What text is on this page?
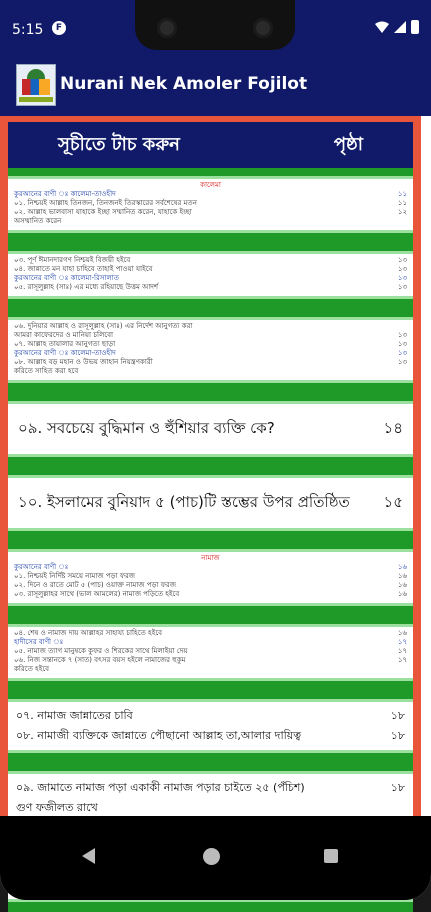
5:15	F
Nurani Nek Amoler Fojilot
সূচীতে টাচ করুন	পৃষ্ঠা
কালেমা
কুরআনের বাণী ঃ কালেমা-তাওহীদ	১১
০১. নিশ্চয়ই আল্লাহ তিনজন, তিনজনই তিরস্কারের সর্বশেষের মতন	১১
০২. আল্লাহ ভালবাসা যাহাকে ইচ্ছা সম্মানিত করেন, যাহাকে ইচ্ছা	১২
অসম্মানিত করেন
০৩. পূর্ণ ঈমানদারগণ নিশ্চয়ই বিজয়ী হইবে	১৩
০৪. জান্নাতে মন যাহা চাহিবে তাহাই পাওয়া যাইবে	১৩
কুরআনের বাণী ঃ কালেমা-রিসালাত	১৩
০৫. রাসূলুল্লাহ (সাঃ) এর মধ্যে রহিয়াছে উত্তম আদর্শ	১৩
০৬. দুনিয়ার আল্লাহ ও রাসূলুল্লাহ (সাঃ) এর নির্দেশ আনুগত্য করা
আমরা কাফেরদের ও মানিয়া চলিবো	১৩
০৭. আল্লাহ তায়ালার আনুগত্য ছাড়া	১৩
কুরআনের বাণী ঃ কালেমা-তাওহীদ	১৩
০৮. আল্লাহ বড় মহান ও উভয় জাহান নিয়ন্ত্রণকারী	১৩
করিতে সাহিত করা হবে
০৯. সবচেয়ে বুদ্ধিমান ও হুঁশিয়ার ব্যক্তি কে?	১৪
১০. ইসলামের বুনিয়াদ ৫ (পাচ)টি স্তম্ভের উপর প্রতিষ্ঠিত ১৫
নামাজ
কুরআনের বাণী ঃ	১৬
০১. নিশ্চয়ই নির্দিষ্ট সময়ে নামাজ পড়া ফরজ	১৬
০২. দিনে ও রাতে মোট ৫ (পাচ) ওয়াক্ত নামাজ পড়া ফরজ	১৬
০৩. রাসূলুল্লাহর সাথে (ভাল আমলের) নামাজ পড়িতে হইবে	১৬
০৪. শেষ ও নামাজ দায় আল্লাহর সাহায্য চাহিতে হইবে	১৬
হাদীসের বাণী ঃ	১৭
০৫. নামাজ ত্যাগ মানুষকে কুফর ও শিরকের সাথে মিলাইয়া দেয়	১৭
০৬. নিজ সন্তানকে ৭ (সাত) বৎসর বয়স হইলে নামাজের হুকুম	১৭
করিতে হইবে
০৭. নামাজ জান্নাতের চাবি	১৮
০৮. নামাজী ব্যক্তিকে জান্নাতে পৌছানো আল্লাহ তা,আলার দায়িত্ব	১৮
০৯. জামাতে নামাজ পড়া একাকী নামাজ পড়ার চাইতে ২৫ (পঁচিশ)	১৮
গুণ ফজীলত রাখে
